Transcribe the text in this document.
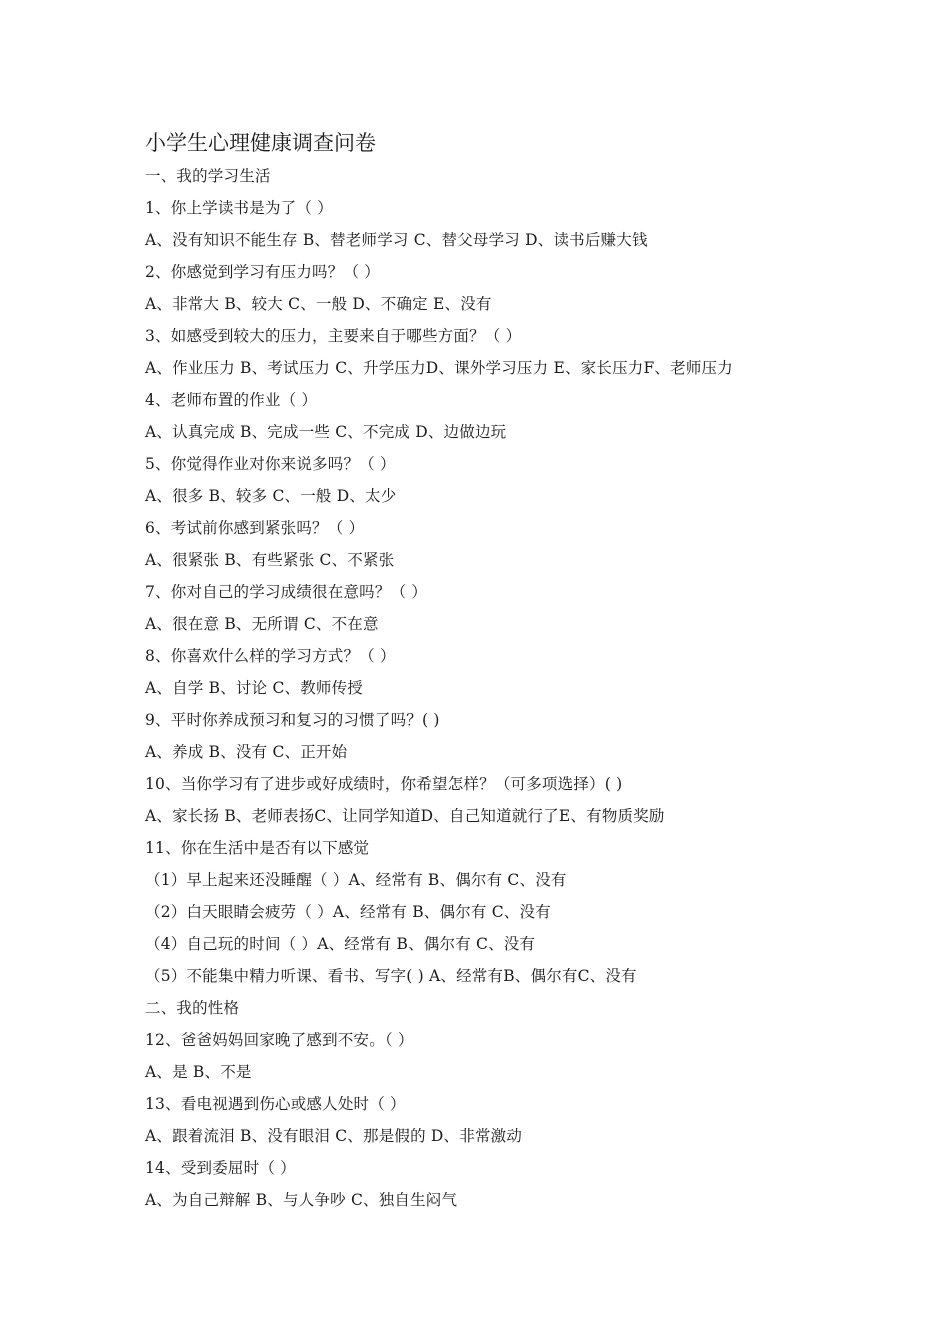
小学生心理健康调查问卷
一、我的学习生活
1、你上学读书是为了（ ）
A、没有知识不能生存 B、替老师学习 C、替父母学习 D、读书后赚大钱
2、你感觉到学习有压力吗？（ ）
A、非常大 B、较大 C、一般 D、不确定 E、没有
3、如感受到较大的压力，主要来自于哪些方面？（ ）
A、作业压力 B、考试压力 C、升学压力D、课外学习压力 E、家长压力F、老师压力
4、老师布置的作业（ ）
A、认真完成 B、完成一些 C、不完成 D、边做边玩
5、你觉得作业对你来说多吗？（ ）
A、很多 B、较多 C、一般 D、太少
6、考试前你感到紧张吗？（ ）
A、很紧张 B、有些紧张 C、不紧张
7、你对自己的学习成绩很在意吗？（ ）
A、很在意 B、无所谓 C、不在意
8、你喜欢什么样的学习方式？（ ）
A、自学 B、讨论 C、教师传授
9、平时你养成预习和复习的习惯了吗？( )
A、养成 B、没有 C、正开始
10、当你学习有了进步或好成绩时，你希望怎样？（可多项选择）( )
A、家长扬 B、老师表扬C、让同学知道D、自己知道就行了E、有物质奖励
11、你在生活中是否有以下感觉
（1）早上起来还没睡醒（ ）A、经常有 B、偶尔有 C、没有
（2）白天眼睛会疲劳（ ）A、经常有 B、偶尔有 C、没有
（4）自己玩的时间（ ）A、经常有 B、偶尔有 C、没有
（5）不能集中精力听课、看书、写字( ) A、经常有B、偶尔有C、没有
二、我的性格
12、爸爸妈妈回家晚了感到不安。（ ）
A、是 B、不是
13、看电视遇到伤心或感人处时（ ）
A、跟着流泪 B、没有眼泪 C、那是假的 D、非常激动
14、受到委屈时（ ）
A、为自己辩解 B、与人争吵 C、独自生闷气
